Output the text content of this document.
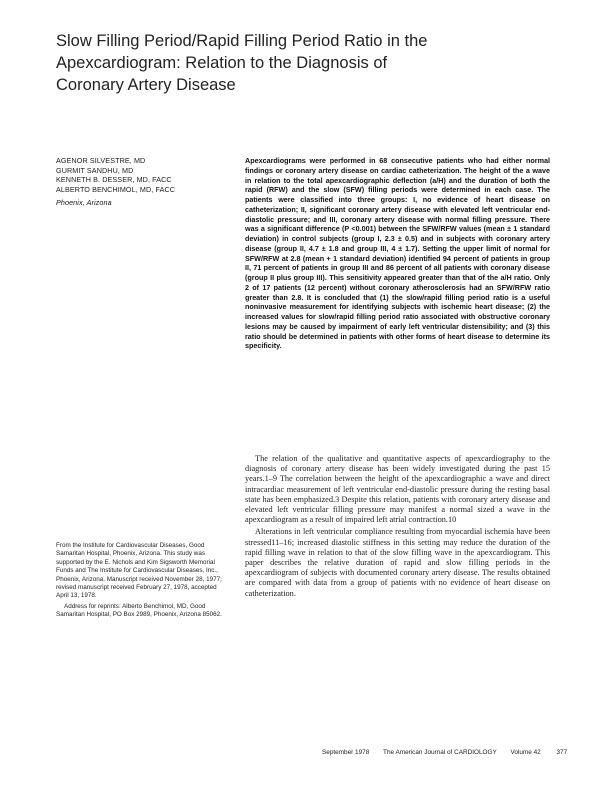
Slow Filling Period/Rapid Filling Period Ratio in the
Apexcardiogram: Relation to the Diagnosis of
Coronary Artery Disease
AGENOR SILVESTRE, MD
GURMIT SANDHU, MD
KENNETH B. DESSER, MD, FACC
ALBERTO BENCHIMOL, MD, FACC
Phoenix, Arizona

Apexcardiograms were performed in 68 consecutive patients who had either normal findings or coronary artery disease on cardiac catheterization. The height of the a wave in relation to the total apexcardiographic deflection (a/H) and the duration of both the rapid (RFW) and the slow (SFW) filling periods were determined in each case. The patients were classified into three groups: I, no evidence of heart disease on catheterization; II, significant coronary artery disease with elevated left ventricular end-diastolic pressure; and III, coronary artery disease with normal filling pressure. There was a significant difference (P <0.001) between the SFW/RFW values (mean ± 1 standard deviation) in control subjects (group I, 2.3 ± 0.5) and in subjects with coronary artery disease (group II, 4.7 ± 1.8 and group III, 4 ± 1.7). Setting the upper limit of normal for SFW/RFW at 2.8 (mean + 1 standard deviation) identified 94 percent of patients in group II, 71 percent of patients in group III and 86 percent of all patients with coronary disease (group II plus group III). This sensitivity appeared greater than that of the a/H ratio. Only 2 of 17 patients (12 percent) without coronary atherosclerosis had an SFW/RFW ratio greater than 2.8. It is concluded that (1) the slow/rapid filling period ratio is a useful noninvasive measurement for identifying subjects with ischemic heart disease; (2) the increased values for slow/rapid filling period ratio associated with obstructive coronary lesions may be caused by impairment of early left ventricular distensibility; and (3) this ratio should be determined in patients with other forms of heart disease to determine its specificity.

The relation of the qualitative and quantitative aspects of apexcardiography to the diagnosis of coronary artery disease has been widely investigated during the past 15 years.1–9 The correlation between the height of the apexcardiographic a wave and direct intracardiac measurement of left ventricular end-diastolic pressure during the resting basal state has been emphasized.3 Despite this relation, patients with coronary artery disease and elevated left ventricular filling pressure may manifest a normal sized a wave in the apexcardiogram as a result of impaired left atrial contraction.10

Alterations in left ventricular compliance resulting from myocardial ischemia have been stressed11–16; increased diastolic stiffness in this setting may reduce the duration of the rapid filling wave in relation to that of the slow filling wave in the apexcardiogram. This paper describes the relative duration of rapid and slow filling periods in the apexcardiogram of subjects with documented coronary artery disease. The results obtained are compared with data from a group of patients with no evidence of heart disease on catheterization.

From the Institute for Cardiovascular Diseases, Good Samaritan Hospital, Phoenix, Arizona. This study was supported by the E. Nichols and Kim Sigsworth Memorial Funds and The Institute for Cardiovascular Diseases, Inc., Phoenix, Arizona. Manuscript received November 28, 1977; revised manuscript received February 27, 1978, accepted April 13, 1978.

Address for reprints: Alberto Benchimol, MD, Good Samaritan Hospital, PO Box 2989, Phoenix, Arizona 85062.

September 1978 The American Journal of CARDIOLOGY Volume 42 377
